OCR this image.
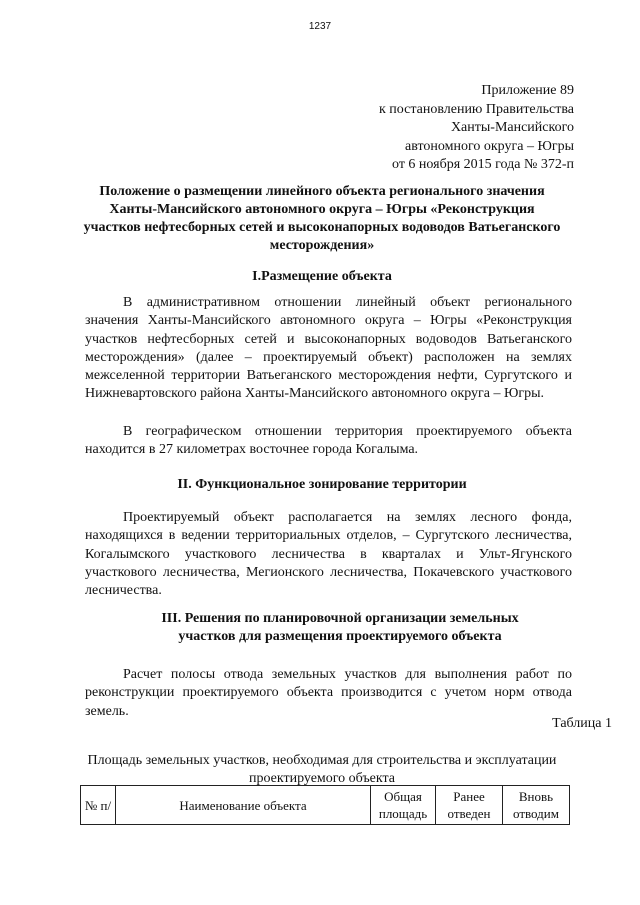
1237
Приложение 89
к постановлению Правительства
Ханты-Мансийского
автономного округа – Югры
от 6 ноября 2015 года № 372-п
Положение о размещении линейного объекта регионального значения Ханты-Мансийского автономного округа – Югры «Реконструкция участков нефтесборных сетей и высоконапорных водоводов Ватьеганского месторождения»
I.Размещение объекта
В административном отношении линейный объект регионального значения Ханты-Мансийского автономного округа – Югры «Реконструкция участков нефтесборных сетей и высоконапорных водоводов Ватьеганского месторождения» (далее – проектируемый объект) расположен на землях межселенной территории Ватьеганского месторождения нефти, Сургутского и Нижневартовского района Ханты-Мансийского автономного округа – Югры.
В географическом отношении территория проектируемого объекта находится в 27 километрах восточнее города Когалыма.
II. Функциональное зонирование территории
Проектируемый объект располагается на землях лесного фонда, находящихся в ведении территориальных отделов, – Сургутского лесничества, Когалымского участкового лесничества в кварталах и Ульт-Ягунского участкового лесничества, Мегионского лесничества, Покачевского участкового лесничества.
III. Решения по планировочной организации земельных участков для размещения проектируемого объекта
Расчет полосы отвода земельных участков для выполнения работ по реконструкции проектируемого объекта производится с учетом норм отвода земель.
Таблица 1
Площадь земельных участков, необходимая для строительства и эксплуатации проектируемого объекта
№ п/	Наименование объекта	Общая площадь	Ранее отведен	Вновь отводим
